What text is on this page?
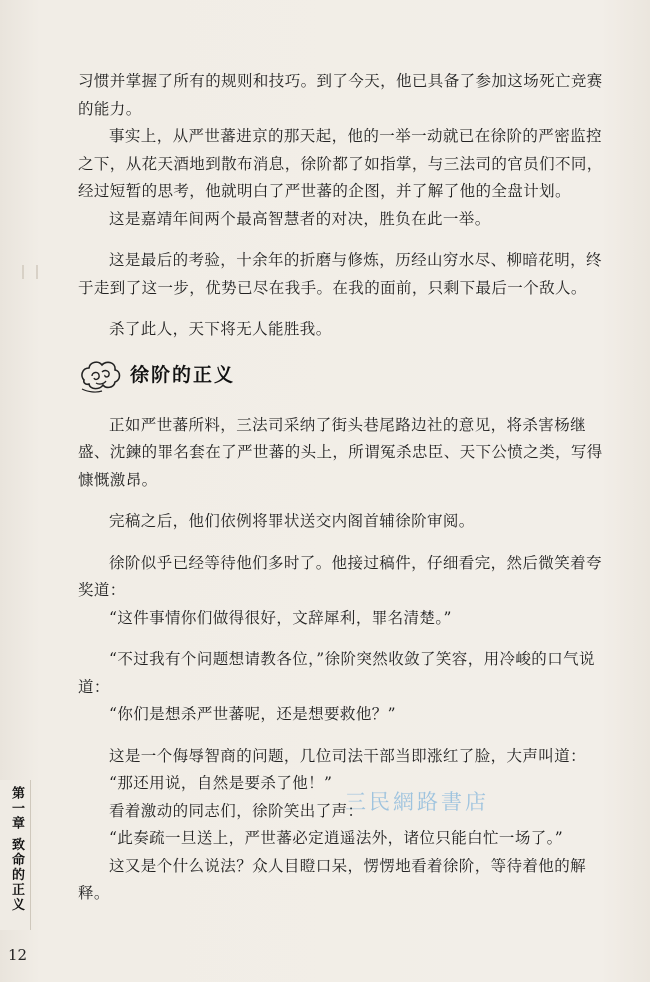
习惯并掌握了所有的规则和技巧。到了今天，他已具备了参加这场死亡竞赛的能力。

事实上，从严世蕃进京的那天起，他的一举一动就已在徐阶的严密监控之下，从花天酒地到散布消息，徐阶都了如指掌，与三法司的官员们不同，经过短暂的思考，他就明白了严世蕃的企图，并了解了他的全盘计划。

这是嘉靖年间两个最高智慧者的对决，胜负在此一举。

这是最后的考验，十余年的折磨与修炼，历经山穷水尽、柳暗花明，终于走到了这一步，优势已尽在我手。在我的面前，只剩下最后一个敌人。

杀了此人，天下将无人能胜我。

徐阶的正义

正如严世蕃所料，三法司采纳了街头巷尾路边社的意见，将杀害杨继盛、沈鍊的罪名套在了严世蕃的头上，所谓冤杀忠臣、天下公愤之类，写得慷慨激昂。

完稿之后，他们依例将罪状送交内阁首辅徐阶审阅。

徐阶似乎已经等待他们多时了。他接过稿件，仔细看完，然后微笑着夸奖道：

“这件事情你们做得很好，文辞犀利，罪名清楚。”

“不过我有个问题想请教各位，”徐阶突然收敛了笑容，用冷峻的口气说道：

“你们是想杀严世蕃呢，还是想要救他？”

这是一个侮辱智商的问题，几位司法干部当即涨红了脸，大声叫道：

“那还用说，自然是要杀了他！”

看着激动的同志们，徐阶笑出了声：

“此奏疏一旦送上，严世蕃必定逍遥法外，诸位只能白忙一场了。”

这又是个什么说法？众人目瞪口呆，愣愣地看着徐阶，等待着他的解释。

第一章 致命的正义
12
三民網路書店
